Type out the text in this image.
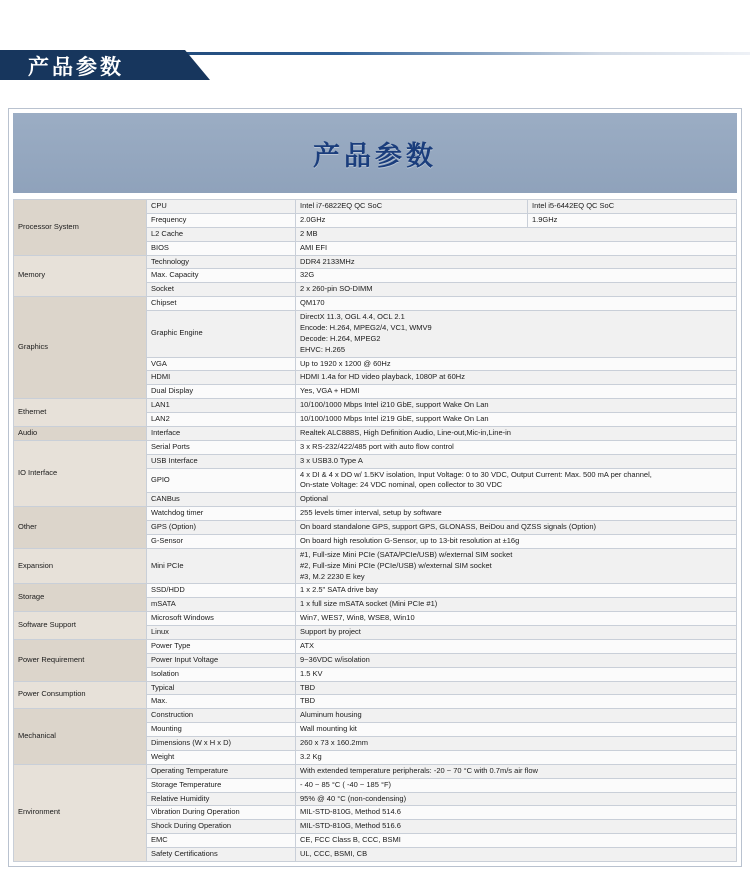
产品参数
产品参数
Processor System	CPU	Intel i7-6822EQ QC SoC	Intel i5-6442EQ QC SoC
	Frequency	2.0GHz	1.9GHz
	L2 Cache	2 MB	
	BIOS	AMI EFI	
Memory	Technology	DDR4 2133MHz	
	Max. Capacity	32G	
	Socket	2 x 260-pin SO-DIMM	
Graphics	Chipset	QM170	
	Graphic Engine	DirectX 11.3, OGL 4.4, OCL 2.1
Encode: H.264, MPEG2/4, VC1, WMV9
Decode: H.264, MPEG2
EHVC: H.265	
	VGA	Up to 1920 x 1200 @ 60Hz	
	HDMI	HDMI 1.4a for HD video playback, 1080P at 60Hz	
	Dual Display	Yes, VGA + HDMI	
Ethernet	LAN1	10/100/1000 Mbps Intel i210 GbE, support Wake On Lan	
	LAN2	10/100/1000 Mbps Intel i219 GbE, support Wake On Lan	
Audio	Interface	Realtek ALC888S, High Definition Audio, Line-out,Mic-in,Line-in	
IO Interface	Serial Ports	3 x RS-232/422/485 port with auto flow control	
	USB Interface	3 x USB3.0 Type A	
	GPIO	4 x DI & 4 x DO w/ 1.5KV isolation, Input Voltage: 0 to 30 VDC, Output Current: Max. 500 mA per channel,
On-state Voltage: 24 VDC nominal, open collector to 30 VDC	
	CANBus	Optional	
Other	Watchdog timer	255 levels timer interval, setup by software	
	GPS (Option)	On board standalone GPS, support GPS, GLONASS, BeiDou and QZSS signals (Option)	
	G-Sensor	On board high resolution G-Sensor, up to 13-bit resolution at ±16g	
Expansion	Mini PCIe	#1, Full-size Mini PCIe (SATA/PCIe/USB) w/external SIM socket
#2, Full-size Mini PCIe (PCIe/USB) w/external SIM socket
#3, M.2 2230 E key	
Storage	SSD/HDD	1 x 2.5" SATA drive bay	
	mSATA	1 x full size mSATA socket (Mini PCIe #1)	
Software Support	Microsoft Windows	Win7, WES7, Win8, WSE8, Win10	
	Linux	Support by project	
Power Requirement	Power Type	ATX	
	Power Input Voltage	9~36VDC w/isolation	
	Isolation	1.5 KV	
Power Consumption	Typical	TBD	
	Max.	TBD	
Mechanical	Construction	Aluminum housing	
	Mounting	Wall mounting kit	
	Dimensions (W x H x D)	260 x 73 x 160.2mm	
	Weight	3.2 Kg	
Environment	Operating Temperature	With extended temperature peripherals: -20 ~ 70 °C with 0.7m/s air flow	
	Storage Temperature	- 40 ~ 85 °C ( -40 ~ 185 °F)	
	Relative Humidity	95% @ 40 °C (non-condensing)	
	Vibration During Operation	MIL-STD-810G, Method 514.6	
	Shock During Operation	MIL-STD-810G, Method 516.6	
	EMC	CE, FCC Class B, CCC, BSMI	
	Safety Certifications	UL, CCC, BSMI, CB	
